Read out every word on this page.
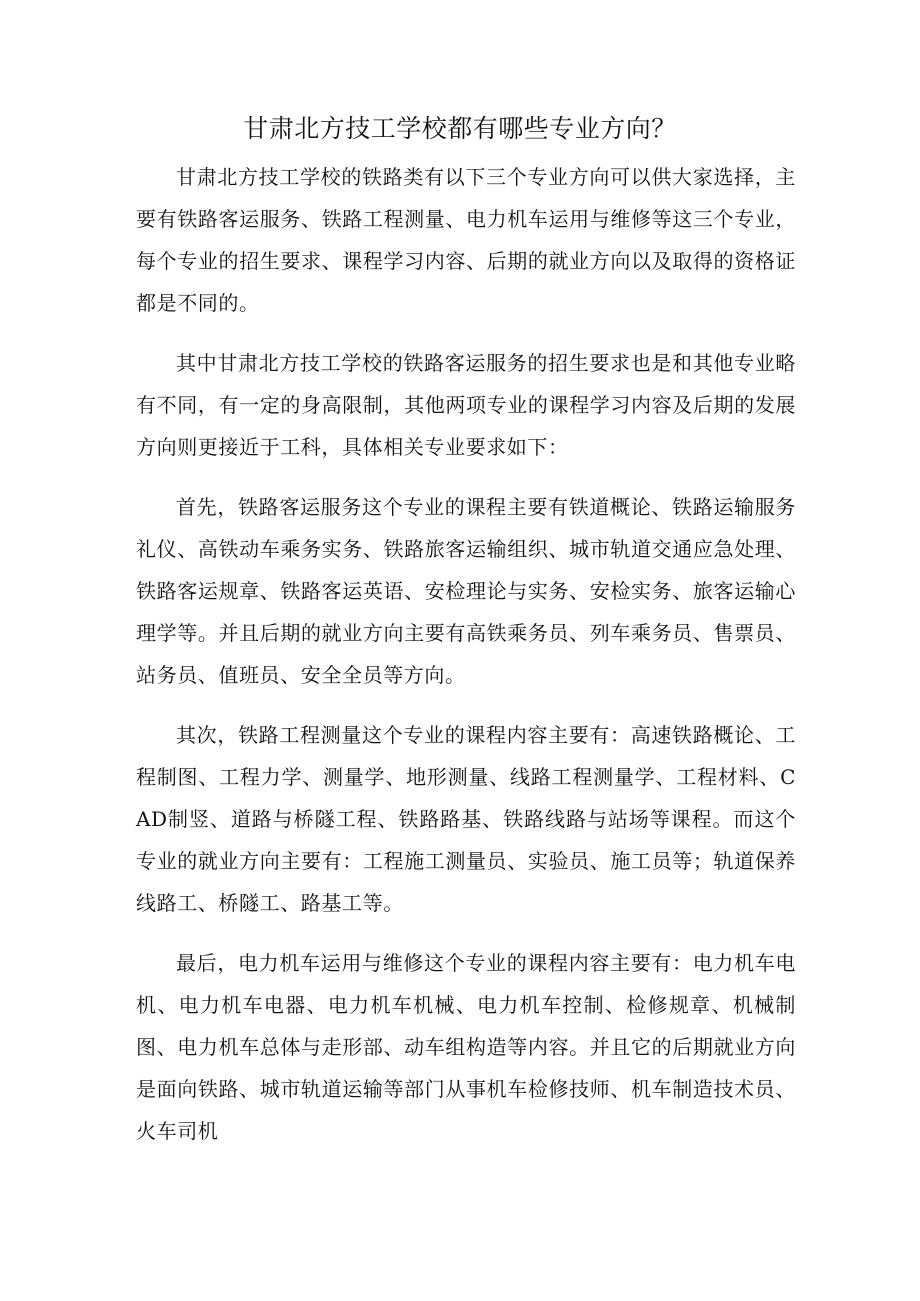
甘肃北方技工学校都有哪些专业方向？

甘肃北方技工学校的铁路类有以下三个专业方向可以供大家选择，主要有铁路客运服务、铁路工程测量、电力机车运用与维修等这三个专业，每个专业的招生要求、课程学习内容、后期的就业方向以及取得的资格证都是不同的。

其中甘肃北方技工学校的铁路客运服务的招生要求也是和其他专业略有不同，有一定的身高限制，其他两项专业的课程学习内容及后期的发展方向则更接近于工科，具体相关专业要求如下：

首先，铁路客运服务这个专业的课程主要有铁道概论、铁路运输服务礼仪、高铁动车乘务实务、铁路旅客运输组织、城市轨道交通应急处理、铁路客运规章、铁路客运英语、安检理论与实务、安检实务、旅客运输心理学等。并且后期的就业方向主要有高铁乘务员、列车乘务员、售票员、站务员、值班员、安全全员等方向。

其次，铁路工程测量这个专业的课程内容主要有：高速铁路概论、工程制图、工程力学、测量学、地形测量、线路工程测量学、工程材料、CAD制竖、道路与桥隧工程、铁路路基、铁路线路与站场等课程。而这个专业的就业方向主要有：工程施工测量员、实验员、施工员等；轨道保养线路工、桥隧工、路基工等。

最后，电力机车运用与维修这个专业的课程内容主要有：电力机车电机、电力机车电器、电力机车机械、电力机车控制、检修规章、机械制图、电力机车总体与走形部、动车组构造等内容。并且它的后期就业方向是面向铁路、城市轨道运输等部门从事机车检修技师、机车制造技术员、火车司机
